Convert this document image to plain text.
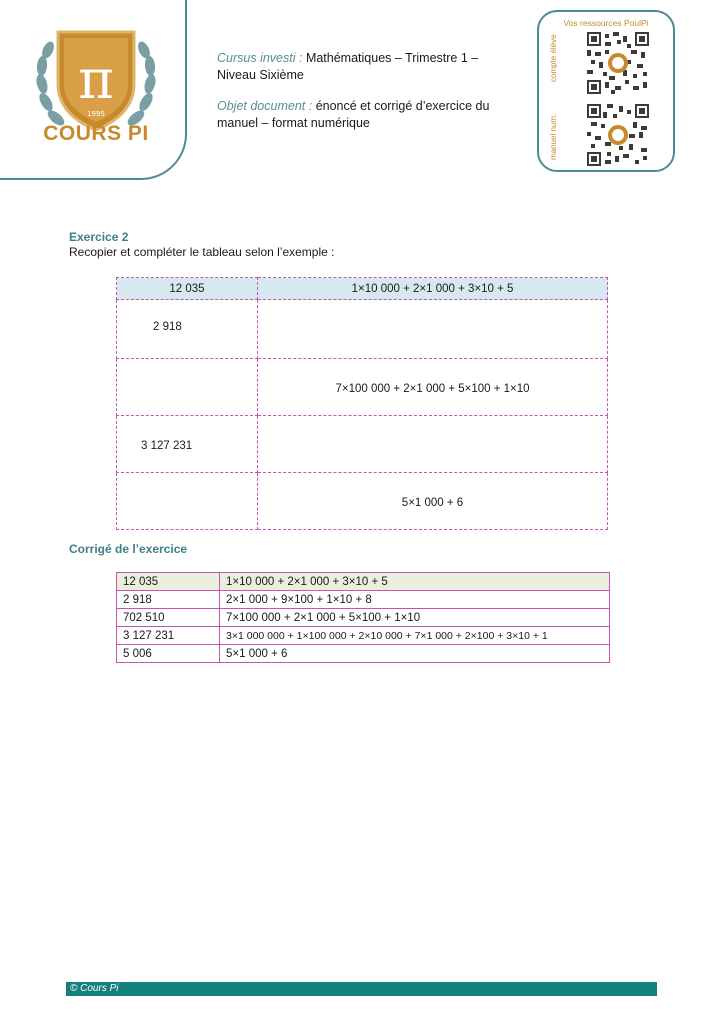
π
1995
COURS PI

Cursus investi : Mathématiques – Trimestre 1 – Niveau Sixième

Objet document : énoncé et corrigé d’exercice du manuel – format numérique

Vos ressources PoulPi
compte élève
manuel num.
Exercice 2
Recopier et compléter le tableau selon l’exemple :
12 035	1×10 000 + 2×1 000 + 3×10 + 5
2 918	
	7×100 000 + 2×1 000 + 5×100 + 1×10
3 127 231	
	5×1 000 + 6
Corrigé de l’exercice
12 035	1×10 000 + 2×1 000 + 3×10 + 5
2 918	2×1 000 + 9×100 + 1×10 + 8
702 510	7×100 000 + 2×1 000 + 5×100 + 1×10
3 127 231	3×1 000 000 + 1×100 000 + 2×10 000 + 7×1 000 + 2×100 + 3×10 + 1
5 006	5×1 000 + 6
© Cours Pi
